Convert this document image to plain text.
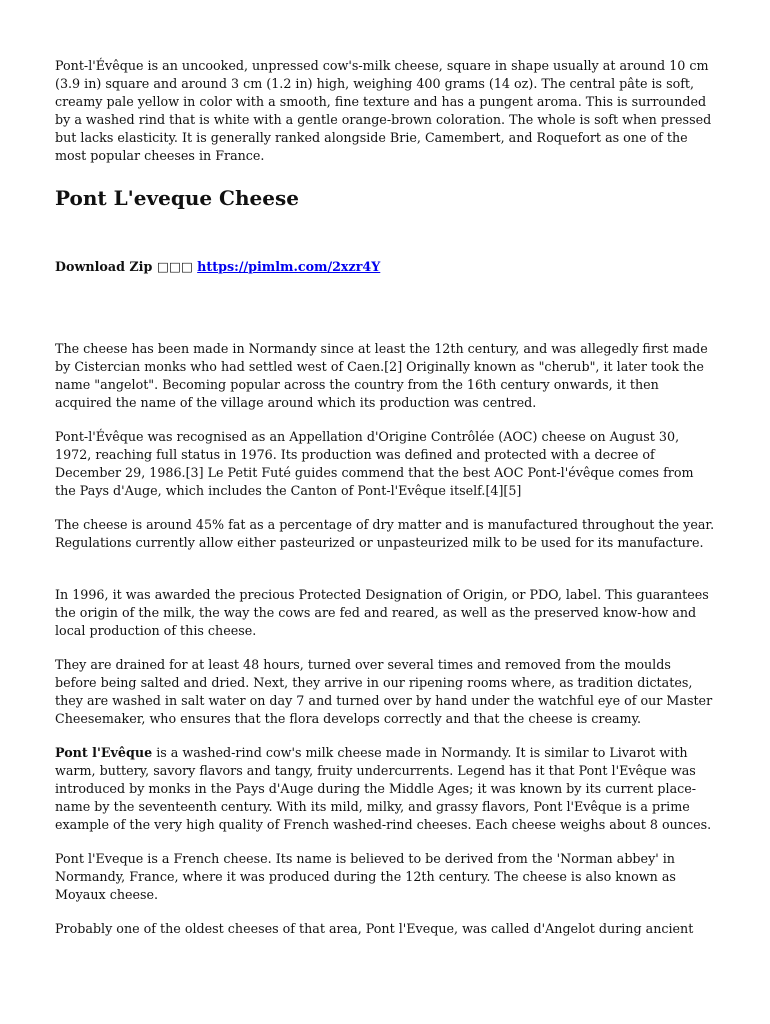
Pont-l'Évêque is an uncooked, unpressed cow's-milk cheese, square in shape usually at around 10 cm (3.9 in) square and around 3 cm (1.2 in) high, weighing 400 grams (14 oz). The central pâte is soft, creamy pale yellow in color with a smooth, fine texture and has a pungent aroma. This is surrounded by a washed rind that is white with a gentle orange-brown coloration. The whole is soft when pressed but lacks elasticity. It is generally ranked alongside Brie, Camembert, and Roquefort as one of the most popular cheeses in France.

Pont L'eveque Cheese

Download Zip □□□ https://pimlm.com/2xzr4Y

The cheese has been made in Normandy since at least the 12th century, and was allegedly first made by Cistercian monks who had settled west of Caen.[2] Originally known as "cherub", it later took the name "angelot". Becoming popular across the country from the 16th century onwards, it then acquired the name of the village around which its production was centred.

Pont-l'Évêque was recognised as an Appellation d'Origine Contrôlée (AOC) cheese on August 30, 1972, reaching full status in 1976. Its production was defined and protected with a decree of December 29, 1986.[3] Le Petit Futé guides commend that the best AOC Pont-l'évêque comes from the Pays d'Auge, which includes the Canton of Pont-l'Evêque itself.[4][5]

The cheese is around 45% fat as a percentage of dry matter and is manufactured throughout the year. Regulations currently allow either pasteurized or unpasteurized milk to be used for its manufacture.

In 1996, it was awarded the precious Protected Designation of Origin, or PDO, label. This guarantees the origin of the milk, the way the cows are fed and reared, as well as the preserved know-how and local production of this cheese.

They are drained for at least 48 hours, turned over several times and removed from the moulds before being salted and dried. Next, they arrive in our ripening rooms where, as tradition dictates, they are washed in salt water on day 7 and turned over by hand under the watchful eye of our Master Cheesemaker, who ensures that the flora develops correctly and that the cheese is creamy.

Pont l'Evêque is a washed-rind cow's milk cheese made in Normandy. It is similar to Livarot with warm, buttery, savory flavors and tangy, fruity undercurrents. Legend has it that Pont l'Evêque was introduced by monks in the Pays d'Auge during the Middle Ages; it was known by its current place-name by the seventeenth century. With its mild, milky, and grassy flavors, Pont l'Evêque is a prime example of the very high quality of French washed-rind cheeses. Each cheese weighs about 8 ounces.

Pont l'Eveque is a French cheese. Its name is believed to be derived from the 'Norman abbey' in Normandy, France, where it was produced during the 12th century. The cheese is also known as Moyaux cheese.

Probably one of the oldest cheeses of that area, Pont l'Eveque, was called d'Angelot during ancient
